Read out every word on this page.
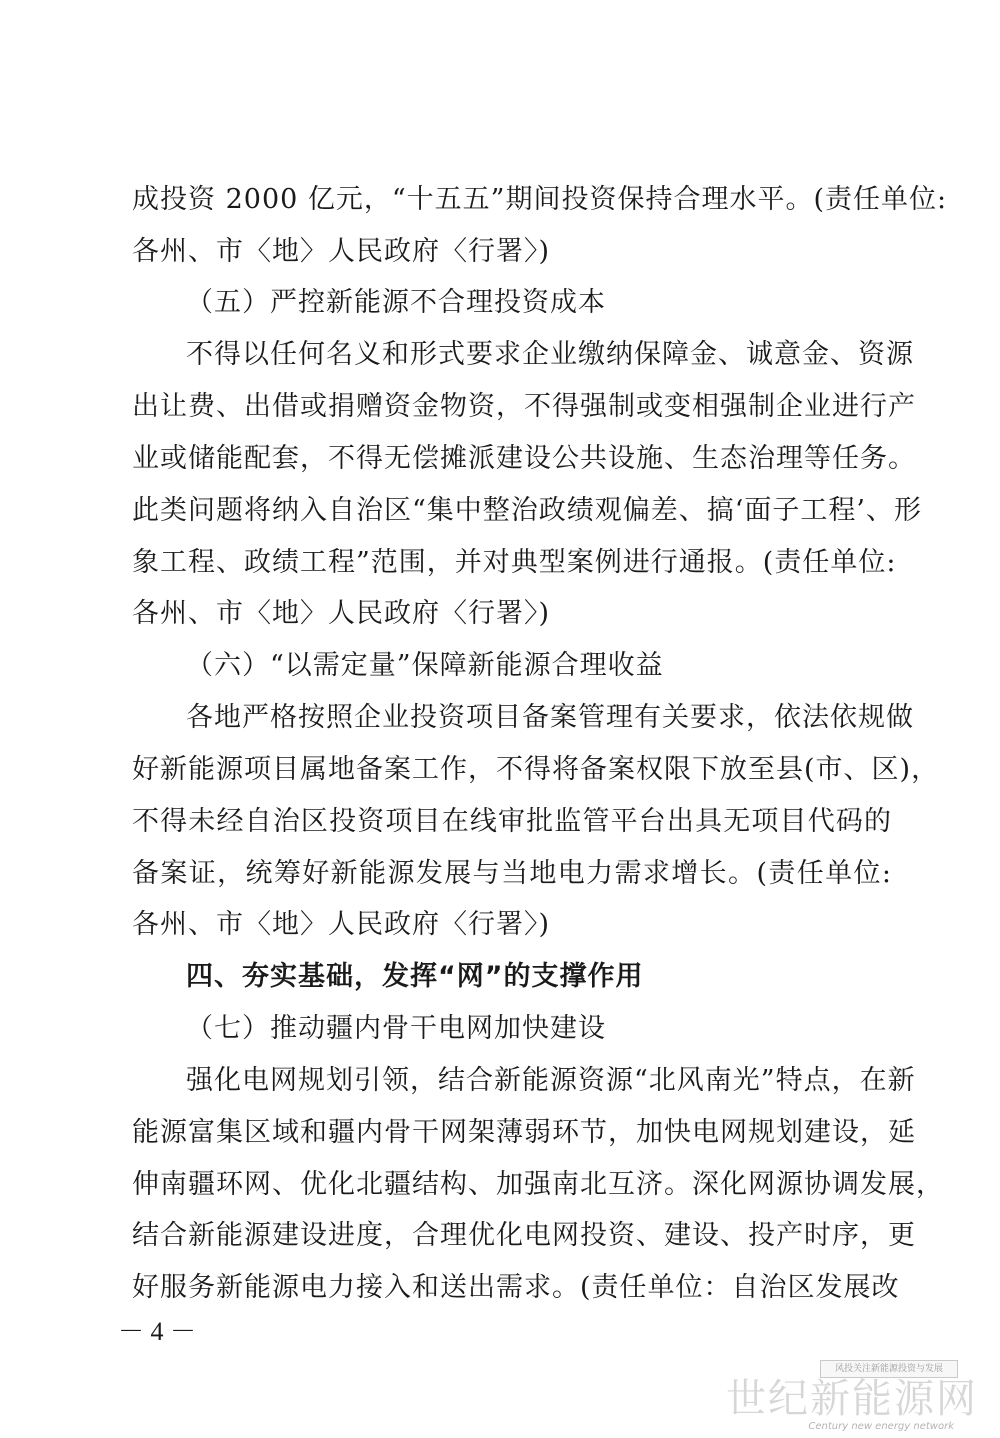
成投资 2000 亿元，“十五五”期间投资保持合理水平。(责任单位:
各州、市〈地〉人民政府〈行署〉)
（五）严控新能源不合理投资成本
不得以任何名义和形式要求企业缴纳保障金、诚意金、资源
出让费、出借或捐赠资金物资，不得强制或变相强制企业进行产
业或储能配套，不得无偿摊派建设公共设施、生态治理等任务。
此类问题将纳入自治区“集中整治政绩观偏差、搞‘面子工程’、形
象工程、政绩工程”范围，并对典型案例进行通报。(责任单位:
各州、市〈地〉人民政府〈行署〉)
（六）“以需定量”保障新能源合理收益
各地严格按照企业投资项目备案管理有关要求，依法依规做
好新能源项目属地备案工作，不得将备案权限下放至县(市、区)，
不得未经自治区投资项目在线审批监管平台出具无项目代码的
备案证，统筹好新能源发展与当地电力需求增长。(责任单位:
各州、市〈地〉人民政府〈行署〉)
四、夯实基础，发挥“网”的支撑作用
（七）推动疆内骨干电网加快建设
强化电网规划引领，结合新能源资源“北风南光”特点，在新
能源富集区域和疆内骨干网架薄弱环节，加快电网规划建设，延
伸南疆环网、优化北疆结构、加强南北互济。深化网源协调发展，
结合新能源建设进度，合理优化电网投资、建设、投产时序，更
好服务新能源电力接入和送出需求。(责任单位：自治区发展改
－ 4 －
风投关注新能源投资与发展
世纪新能源网
Century new energy network
